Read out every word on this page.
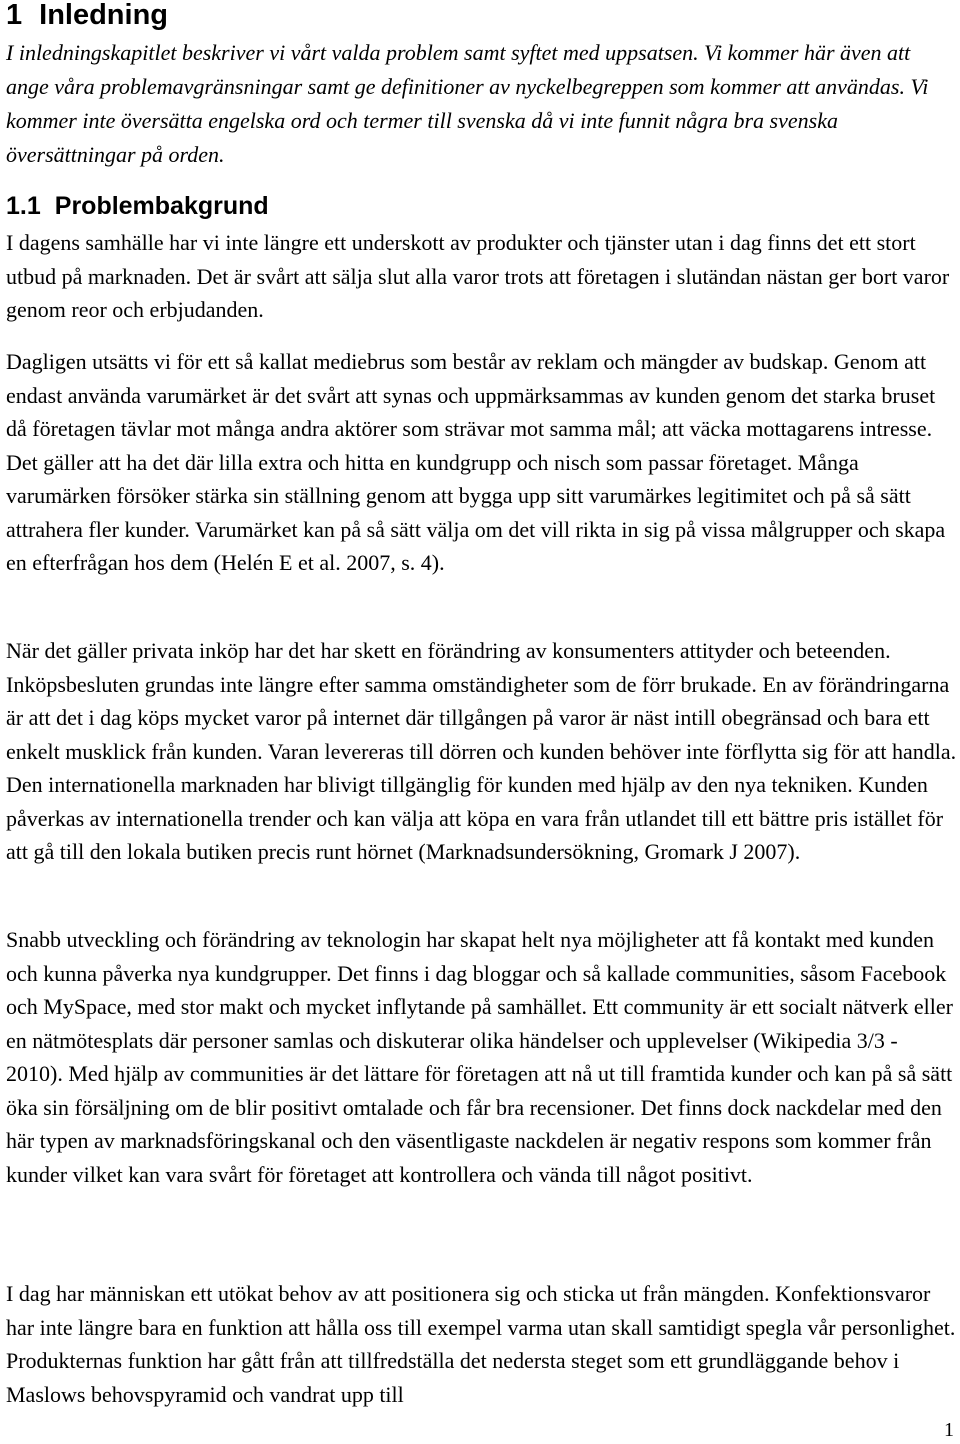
1 Inledning

I inledningskapitlet beskriver vi vårt valda problem samt syftet med uppsatsen. Vi kommer här även att ange våra problemavgränsningar samt ge definitioner av nyckelbegreppen som kommer att användas. Vi kommer inte översätta engelska ord och termer till svenska då vi inte funnit några bra svenska översättningar på orden.

1.1 Problembakgrund

I dagens samhälle har vi inte längre ett underskott av produkter och tjänster utan i dag finns det ett stort utbud på marknaden. Det är svårt att sälja slut alla varor trots att företagen i slutändan nästan ger bort varor genom reor och erbjudanden.

Dagligen utsätts vi för ett så kallat mediebrus som består av reklam och mängder av budskap. Genom att endast använda varumärket är det svårt att synas och uppmärksammas av kunden genom det starka bruset då företagen tävlar mot många andra aktörer som strävar mot samma mål; att väcka mottagarens intresse. Det gäller att ha det där lilla extra och hitta en kundgrupp och nisch som passar företaget. Många varumärken försöker stärka sin ställning genom att bygga upp sitt varumärkes legitimitet och på så sätt attrahera fler kunder. Varumärket kan på så sätt välja om det vill rikta in sig på vissa målgrupper och skapa en efterfrågan hos dem (Helén E et al. 2007, s. 4).

När det gäller privata inköp har det har skett en förändring av konsumenters attityder och beteenden. Inköpsbesluten grundas inte längre efter samma omständigheter som de förr brukade. En av förändringarna är att det i dag köps mycket varor på internet där tillgången på varor är näst intill obegränsad och bara ett enkelt musklick från kunden. Varan levereras till dörren och kunden behöver inte förflytta sig för att handla. Den internationella marknaden har blivigt tillgänglig för kunden med hjälp av den nya tekniken. Kunden påverkas av internationella trender och kan välja att köpa en vara från utlandet till ett bättre pris istället för att gå till den lokala butiken precis runt hörnet (Marknadsundersökning, Gromark J 2007).

Snabb utveckling och förändring av teknologin har skapat helt nya möjligheter att få kontakt med kunden och kunna påverka nya kundgrupper. Det finns i dag bloggar och så kallade communities, såsom Facebook och MySpace, med stor makt och mycket inflytande på samhället. Ett community är ett socialt nätverk eller en nätmötesplats där personer samlas och diskuterar olika händelser och upplevelser (Wikipedia 3/3 - 2010). Med hjälp av communities är det lättare för företagen att nå ut till framtida kunder och kan på så sätt öka sin försäljning om de blir positivt omtalade och får bra recensioner. Det finns dock nackdelar med den här typen av marknadsföringskanal och den väsentligaste nackdelen är negativ respons som kommer från kunder vilket kan vara svårt för företaget att kontrollera och vända till något positivt.

I dag har människan ett utökat behov av att positionera sig och sticka ut från mängden. Konfektionsvaror har inte längre bara en funktion att hålla oss till exempel varma utan skall samtidigt spegla vår personlighet. Produkternas funktion har gått från att tillfredställa det nedersta steget som ett grundläggande behov i Maslows behovspyramid och vandrat upp till

1
